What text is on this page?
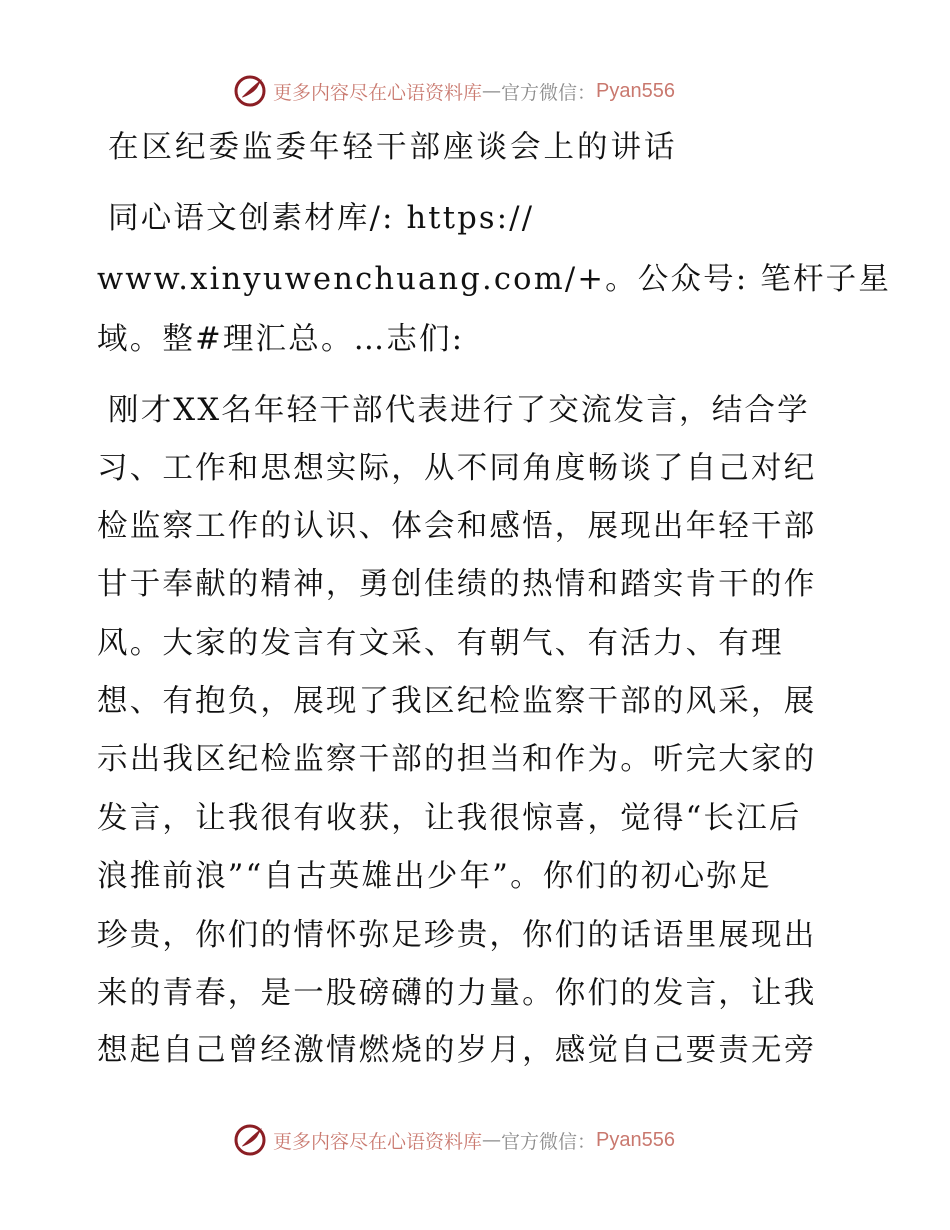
更多内容尽在心语资料库 — 官方微信： Pyan556
在区纪委监委年轻干部座谈会上的讲话
同心语文创素材库/: https://
www.xinyuwenchuang.com/+。公众号: 笔杆子星
域。整#理汇总。…志们:
刚才XX名年轻干部代表进行了交流发言，结合学
习、工作和思想实际，从不同角度畅谈了自己对纪
检监察工作的认识、体会和感悟，展现出年轻干部
甘于奉献的精神，勇创佳绩的热情和踏实肯干的作
风。大家的发言有文采、有朝气、有活力、有理
想、有抱负，展现了我区纪检监察干部的风采，展
示出我区纪检监察干部的担当和作为。听完大家的
发言，让我很有收获，让我很惊喜，觉得“长江后
浪推前浪”“自古英雄出少年”。你们的初心弥足
珍贵，你们的情怀弥足珍贵，你们的话语里展现出
来的青春，是一股磅礴的力量。你们的发言，让我
想起自己曾经激情燃烧的岁月，感觉自己要责无旁
更多内容尽在心语资料库 — 官方微信： Pyan556
